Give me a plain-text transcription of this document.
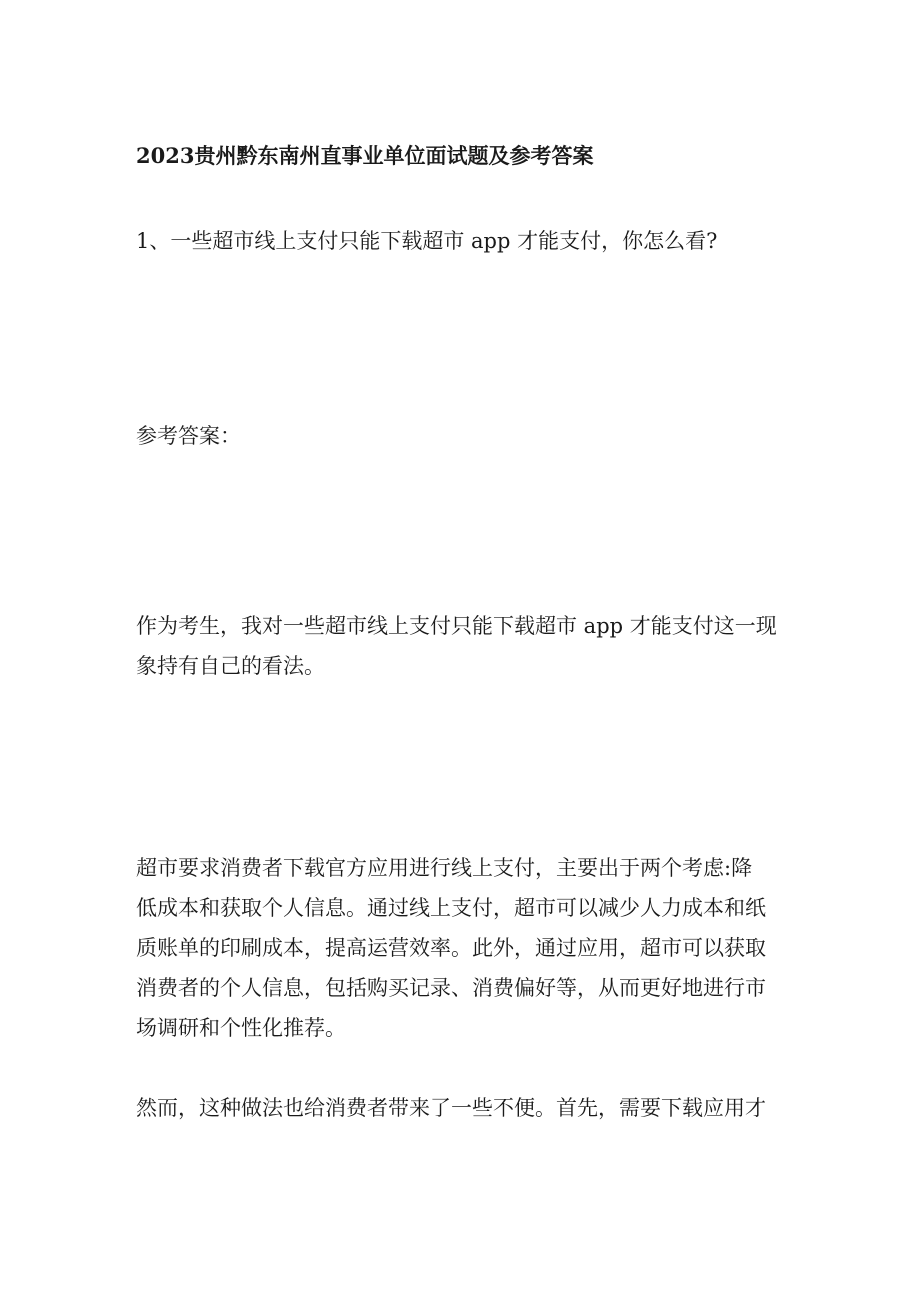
2023贵州黔东南州直事业单位面试题及参考答案
1、一些超市线上支付只能下载超市 app 才能支付，你怎么看?
参考答案：
作为考生，我对一些超市线上支付只能下载超市 app 才能支付这一现
象持有自己的看法。
超市要求消费者下载官方应用进行线上支付，主要出于两个考虑:降
低成本和获取个人信息。通过线上支付，超市可以减少人力成本和纸
质账单的印刷成本，提高运营效率。此外，通过应用，超市可以获取
消费者的个人信息，包括购买记录、消费偏好等，从而更好地进行市
场调研和个性化推荐。
然而，这种做法也给消费者带来了一些不便。首先，需要下载应用才
